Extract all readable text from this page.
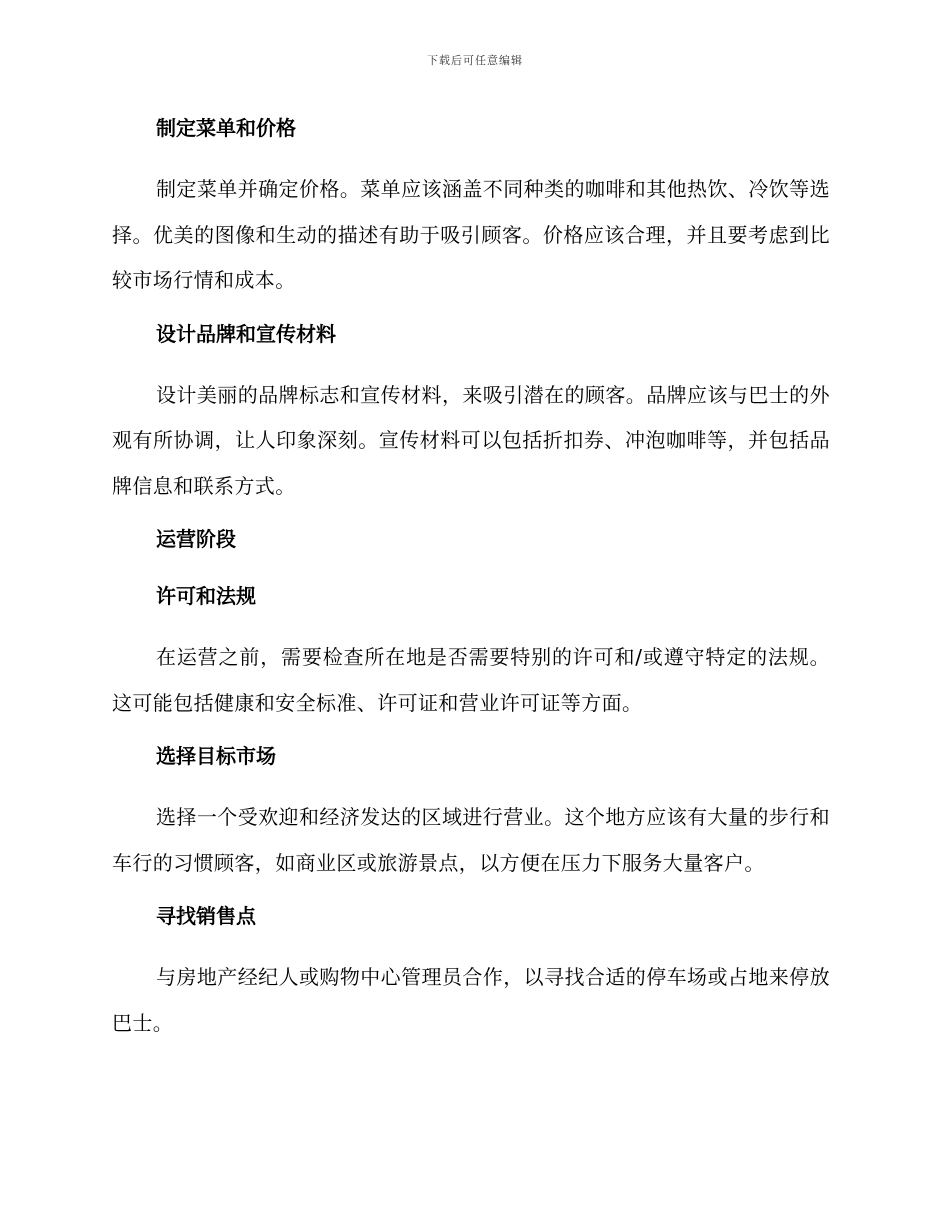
下载后可任意编辑
制定菜单和价格
制定菜单并确定价格。菜单应该涵盖不同种类的咖啡和其他热饮、冷饮等选择。优美的图像和生动的描述有助于吸引顾客。价格应该合理，并且要考虑到比较市场行情和成本。
设计品牌和宣传材料
设计美丽的品牌标志和宣传材料，来吸引潜在的顾客。品牌应该与巴士的外观有所协调，让人印象深刻。宣传材料可以包括折扣券、冲泡咖啡等，并包括品牌信息和联系方式。
运营阶段
许可和法规
在运营之前，需要检查所在地是否需要特别的许可和/或遵守特定的法规。这可能包括健康和安全标准、许可证和营业许可证等方面。
选择目标市场
选择一个受欢迎和经济发达的区域进行营业。这个地方应该有大量的步行和车行的习惯顾客，如商业区或旅游景点，以方便在压力下服务大量客户。
寻找销售点
与房地产经纪人或购物中心管理员合作，以寻找合适的停车场或占地来停放巴士。
